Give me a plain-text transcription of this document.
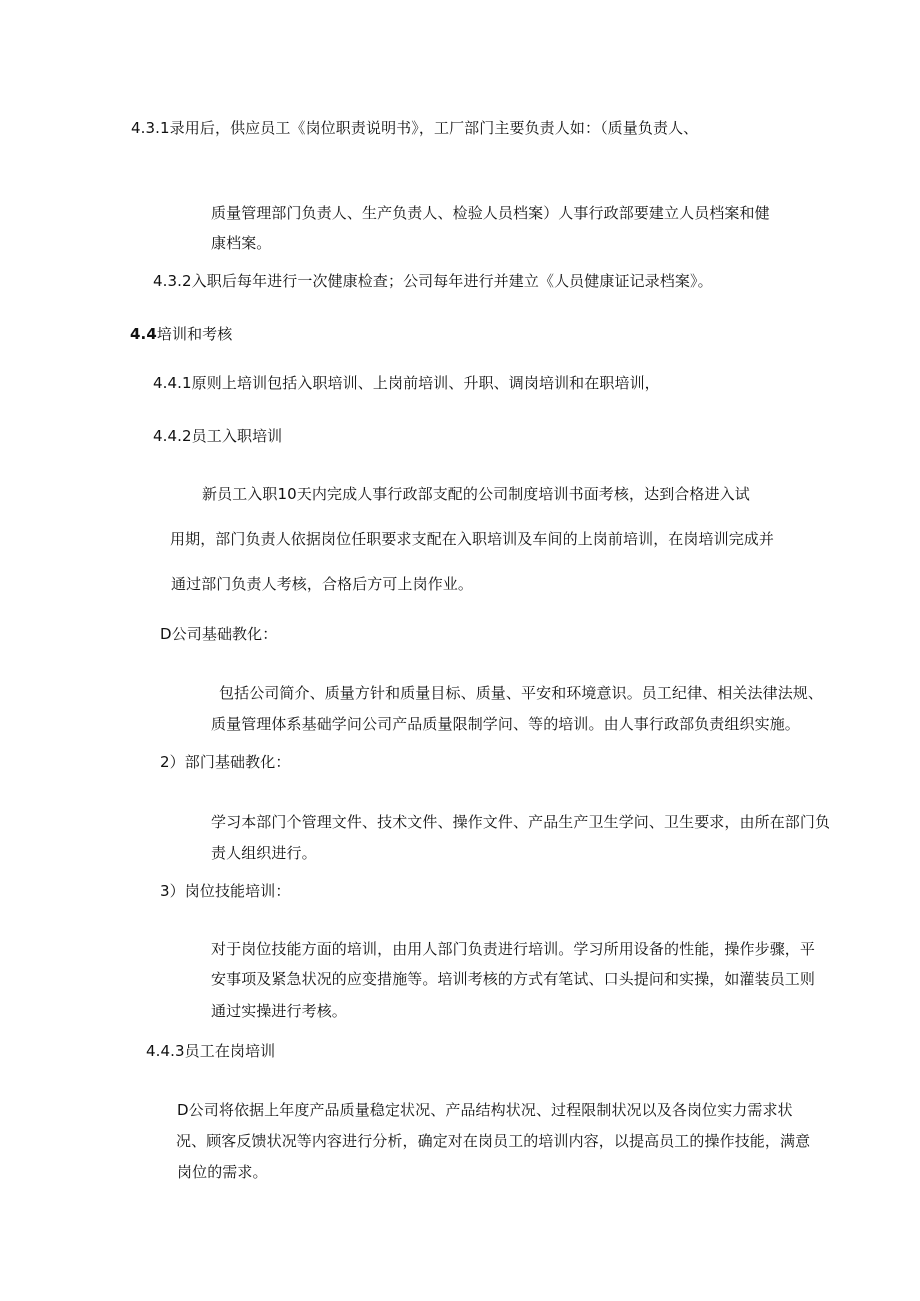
4.3.1录用后，供应员工《岗位职责说明书》，工厂部门主要负责人如：（质量负责人、
质量管理部门负责人、生产负责人、检验人员档案）人事行政部要建立人员档案和健
康档案。
4.3.2入职后每年进行一次健康检查；公司每年进行并建立《人员健康证记录档案》。
4.4培训和考核
4.4.1原则上培训包括入职培训、上岗前培训、升职、调岗培训和在职培训，
4.4.2员工入职培训
新员工入职10天内完成人事行政部支配的公司制度培训书面考核，达到合格进入试
用期，部门负责人依据岗位任职要求支配在入职培训及车间的上岗前培训，在岗培训完成并
通过部门负责人考核，合格后方可上岗作业。
D公司基础教化：
包括公司简介、质量方针和质量目标、质量、平安和环境意识。员工纪律、相关法律法规、
质量管理体系基础学问公司产品质量限制学问、等的培训。由人事行政部负责组织实施。
2）部门基础教化：
学习本部门个管理文件、技术文件、操作文件、产品生产卫生学问、卫生要求，由所在部门负
责人组织进行。
3）岗位技能培训：
对于岗位技能方面的培训，由用人部门负责进行培训。学习所用设备的性能，操作步骤，平
安事项及紧急状况的应变措施等。培训考核的方式有笔试、口头提问和实操，如灌装员工则
通过实操进行考核。
4.4.3员工在岗培训
D公司将依据上年度产品质量稳定状况、产品结构状况、过程限制状况以及各岗位实力需求状
况、顾客反馈状况等内容进行分析，确定对在岗员工的培训内容，以提高员工的操作技能，满意
岗位的需求。
